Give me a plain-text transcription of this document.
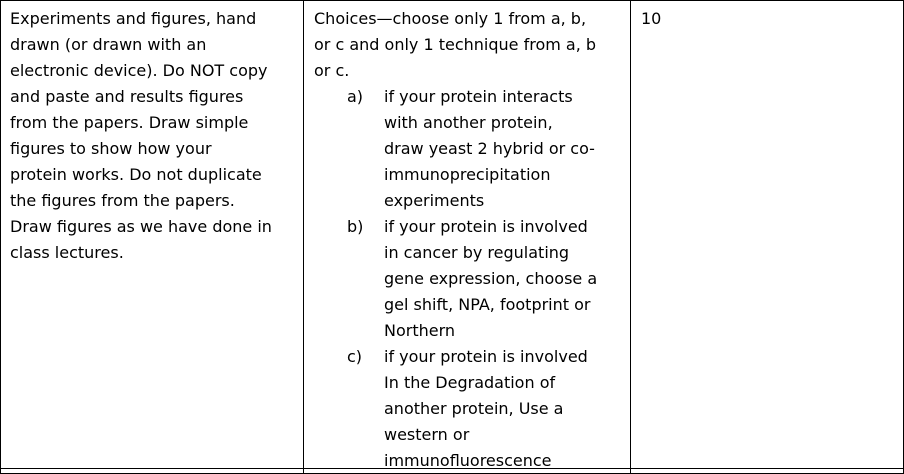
Experiments and figures, hand
drawn (or drawn with an
electronic device). Do NOT copy
and paste and results figures
from the papers. Draw simple
figures to show how your
protein works. Do not duplicate
the figures from the papers.
Draw figures as we have done in
class lectures.
Choices—choose only 1 from a, b,
or c and only 1 technique from a, b
or c.
a) if your protein interacts
with another protein,
draw yeast 2 hybrid or co-
immunoprecipitation
experiments
b) if your protein is involved
in cancer by regulating
gene expression, choose a
gel shift, NPA, footprint or
Northern
c) if your protein is involved
In the Degradation of
another protein, Use a
western or
immunofluorescence
10
